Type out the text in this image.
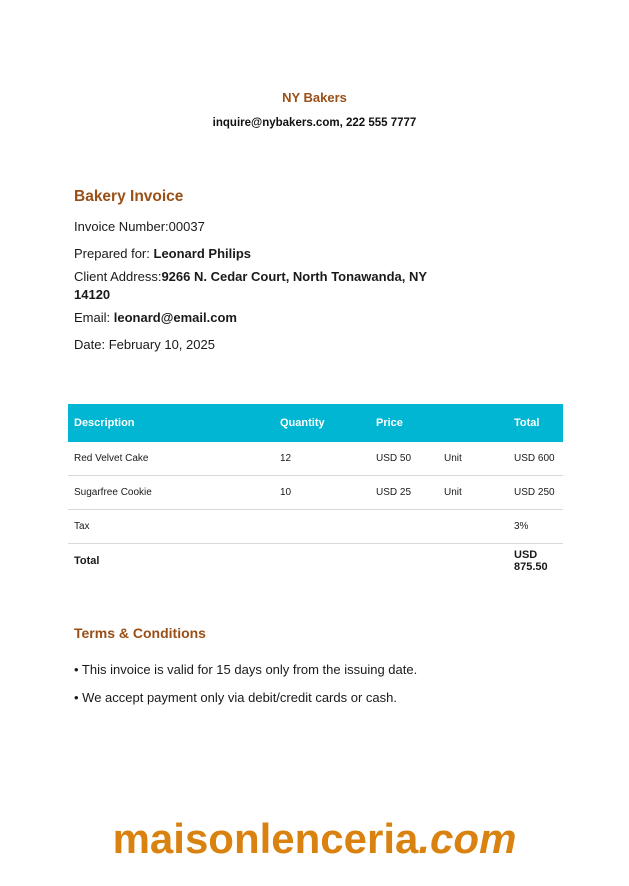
NY Bakers
inquire@nybakers.com, 222 555 7777
Bakery Invoice
Invoice Number:00037
Prepared for: Leonard Philips
Client Address:9266 N. Cedar Court, North Tonawanda, NY 14120
Email: leonard@email.com
Date: February 10, 2025
Description	Quantity	Price		Total
Red Velvet Cake	12	USD 50	Unit	USD 600
Sugarfree Cookie	10	USD 25	Unit	USD 250
Tax				3%
Total				USD 875.50
Terms & Conditions
• This invoice is valid for 15 days only from the issuing date.
• We accept payment only via debit/credit cards or cash.
maisonlenceria.com
